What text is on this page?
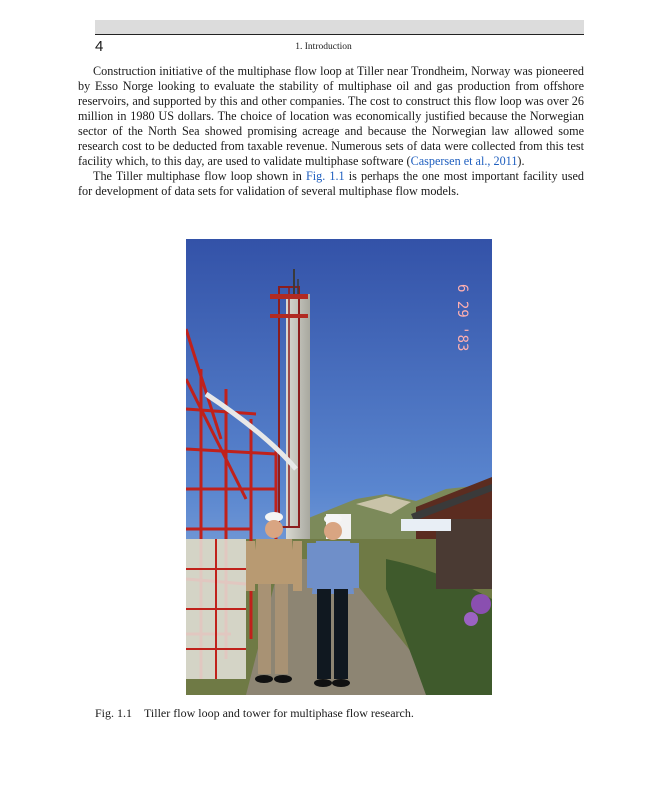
4	1. Introduction

Construction initiative of the multiphase flow loop at Tiller near Trondheim, Norway was pioneered by Esso Norge looking to evaluate the stability of multiphase oil and gas production from offshore reservoirs, and supported by this and other companies. The cost to construct this flow loop was over 26 million in 1980 US dollars. The choice of location was economically justified because the Norwegian sector of the North Sea showed promising acreage and because the Norwegian law allowed some research cost to be deducted from taxable revenue. Numerous sets of data were collected from this test facility which, to this day, are used to validate multiphase software (Caspersen et al., 2011).

The Tiller multiphase flow loop shown in Fig. 1.1 is perhaps the one most important facility used for development of data sets for validation of several multiphase flow models.

6 29 '83
Fig. 1.1 Tiller flow loop and tower for multiphase flow research.
